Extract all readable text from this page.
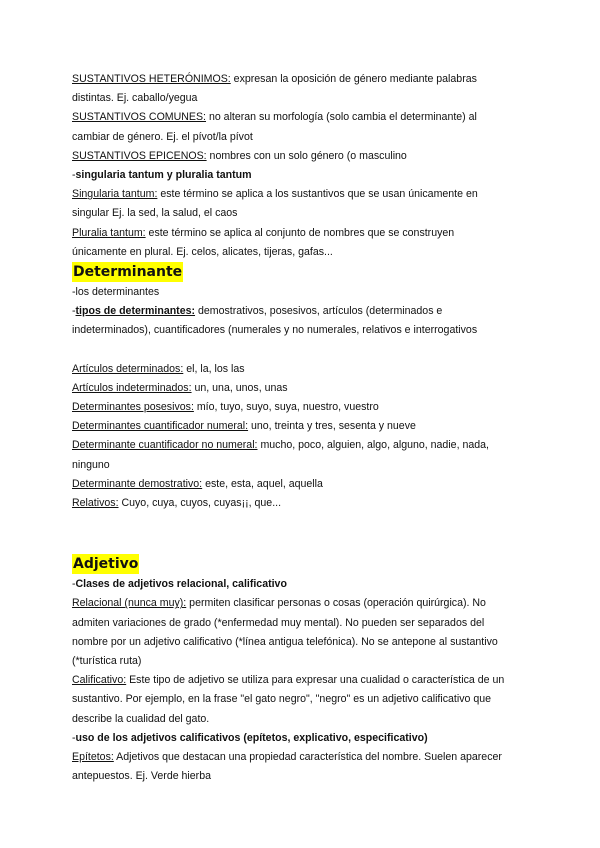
SUSTANTIVOS HETERÓNIMOS: expresan la oposición de género mediante palabras
distintas. Ej. caballo/yegua
SUSTANTIVOS COMUNES: no alteran su morfología (solo cambia el determinante) al
cambiar de género. Ej. el pívot/la pívot
SUSTANTIVOS EPICENOS: nombres con un solo género (o masculino
-singularia tantum y pluralia tantum
Singularia tantum: este término se aplica a los sustantivos que se usan únicamente en
singular Ej. la sed, la salud, el caos
Pluralia tantum: este término se aplica al conjunto de nombres que se construyen
únicamente en plural. Ej. celos, alicates, tijeras, gafas...
Determinante
-los determinantes
-tipos de determinantes: demostrativos, posesivos, artículos (determinados e
indeterminados), cuantificadores (numerales y no numerales, relativos e interrogativos
Artículos determinados: el, la, los las
Artículos indeterminados: un, una, unos, unas
Determinantes posesivos: mío, tuyo, suyo, suya, nuestro, vuestro
Determinantes cuantificador numeral: uno, treinta y tres, sesenta y nueve
Determinante cuantificador no numeral: mucho, poco, alguien, algo, alguno, nadie, nada,
ninguno
Determinante demostrativo: este, esta, aquel, aquella
Relativos: Cuyo, cuya, cuyos, cuyas¡¡, que...
Adjetivo
-Clases de adjetivos relacional, calificativo
Relacional (nunca muy): permiten clasificar personas o cosas (operación quirúrgica). No
admiten variaciones de grado (*enfermedad muy mental). No pueden ser separados del
nombre por un adjetivo calificativo (*línea antigua telefónica). No se antepone al sustantivo
(*turística ruta)
Calificativo: Este tipo de adjetivo se utiliza para expresar una cualidad o característica de un
sustantivo. Por ejemplo, en la frase "el gato negro", "negro" es un adjetivo calificativo que
describe la cualidad del gato.
-uso de los adjetivos calificativos (epítetos, explicativo, especificativo)
Epítetos: Adjetivos que destacan una propiedad característica del nombre. Suelen aparecer
antepuestos. Ej. Verde hierba
